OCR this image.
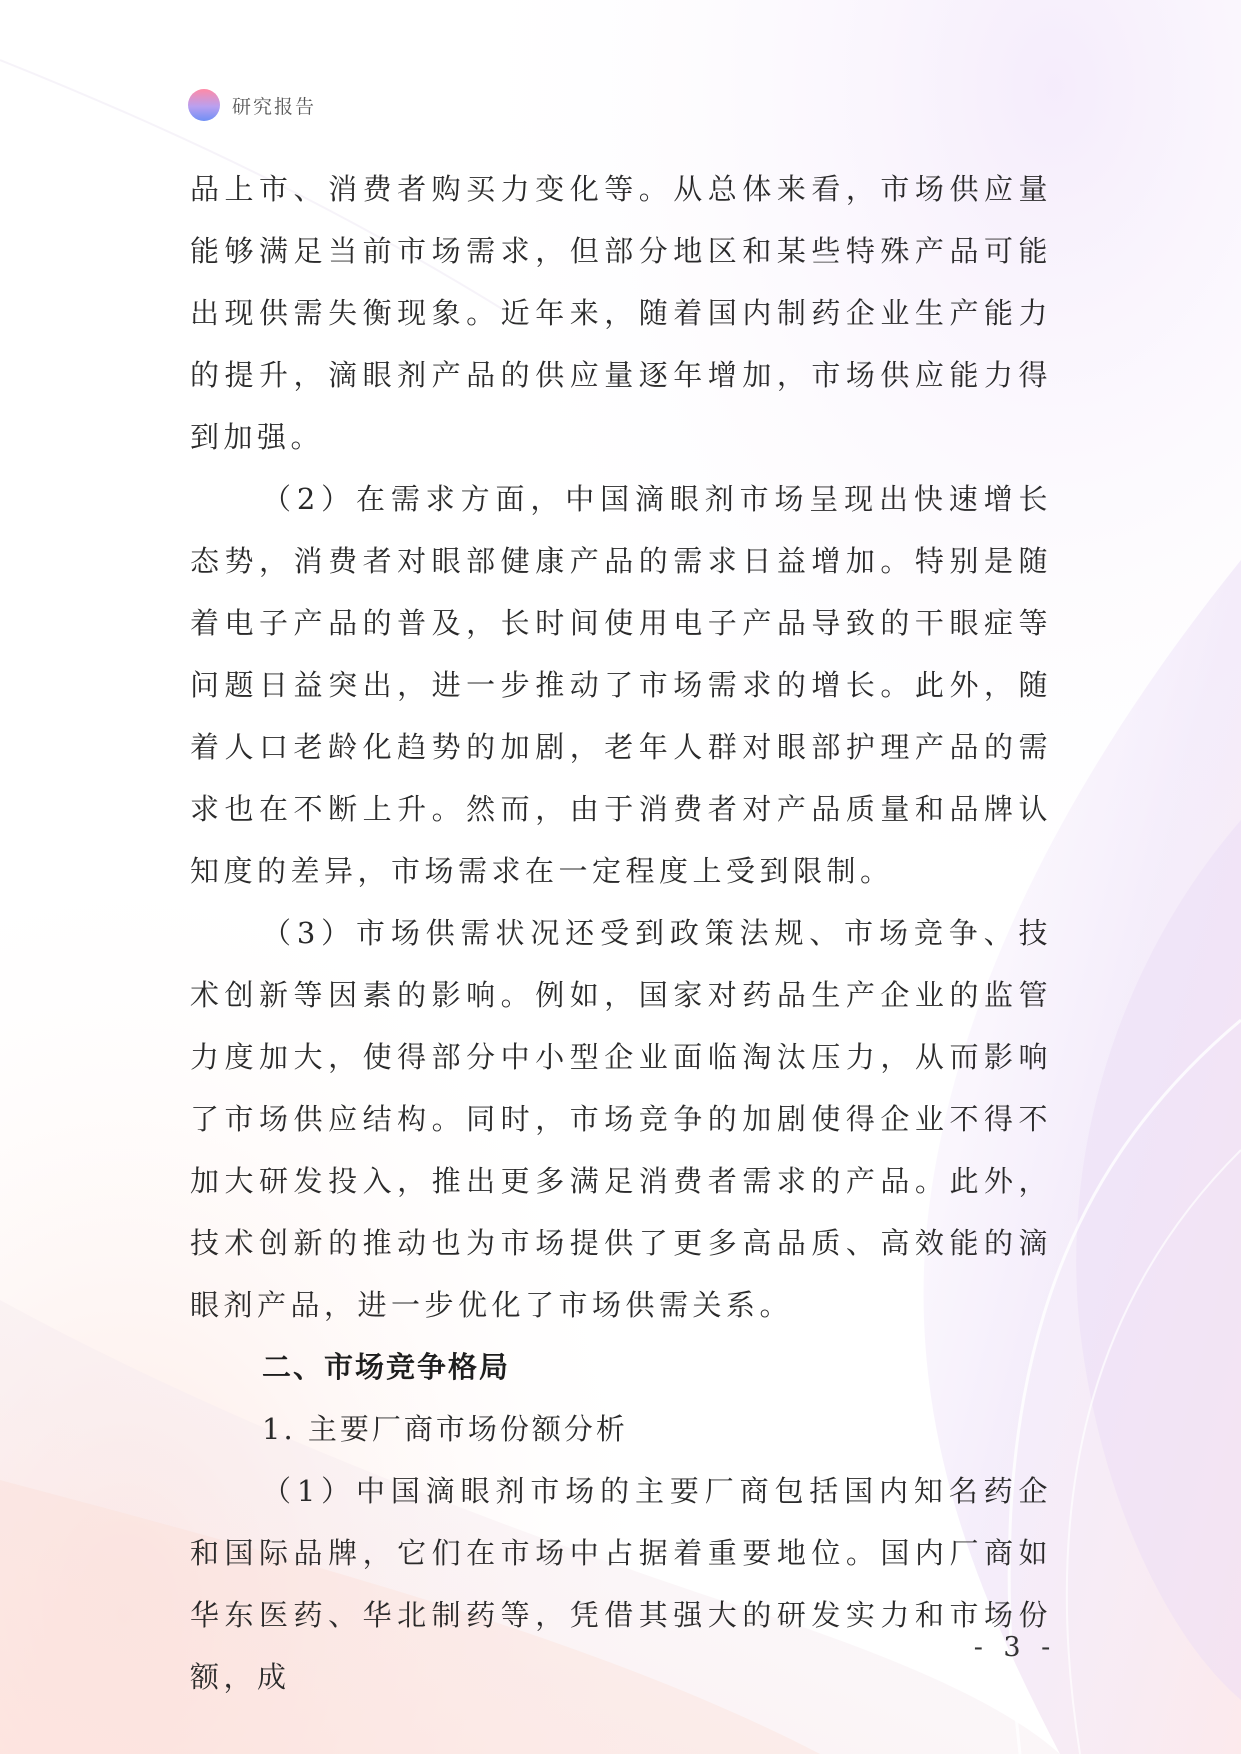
研究报告

品上市、消费者购买力变化等。从总体来看，市场供应量能够满足当前市场需求，但部分地区和某些特殊产品可能出现供需失衡现象。近年来，随着国内制药企业生产能力的提升，滴眼剂产品的供应量逐年增加，市场供应能力得到加强。

（2）在需求方面，中国滴眼剂市场呈现出快速增长态势，消费者对眼部健康产品的需求日益增加。特别是随着电子产品的普及，长时间使用电子产品导致的干眼症等问题日益突出，进一步推动了市场需求的增长。此外，随着人口老龄化趋势的加剧，老年人群对眼部护理产品的需求也在不断上升。然而，由于消费者对产品质量和品牌认知度的差异，市场需求在一定程度上受到限制。

（3）市场供需状况还受到政策法规、市场竞争、技术创新等因素的影响。例如，国家对药品生产企业的监管力度加大，使得部分中小型企业面临淘汰压力，从而影响了市场供应结构。同时，市场竞争的加剧使得企业不得不加大研发投入，推出更多满足消费者需求的产品。此外，技术创新的推动也为市场提供了更多高品质、高效能的滴眼剂产品，进一步优化了市场供需关系。

二、市场竞争格局

1. 主要厂商市场份额分析

（1）中国滴眼剂市场的主要厂商包括国内知名药企和国际品牌，它们在市场中占据着重要地位。国内厂商如华东医药、华北制药等，凭借其强大的研发实力和市场份额，成

- 3 -
